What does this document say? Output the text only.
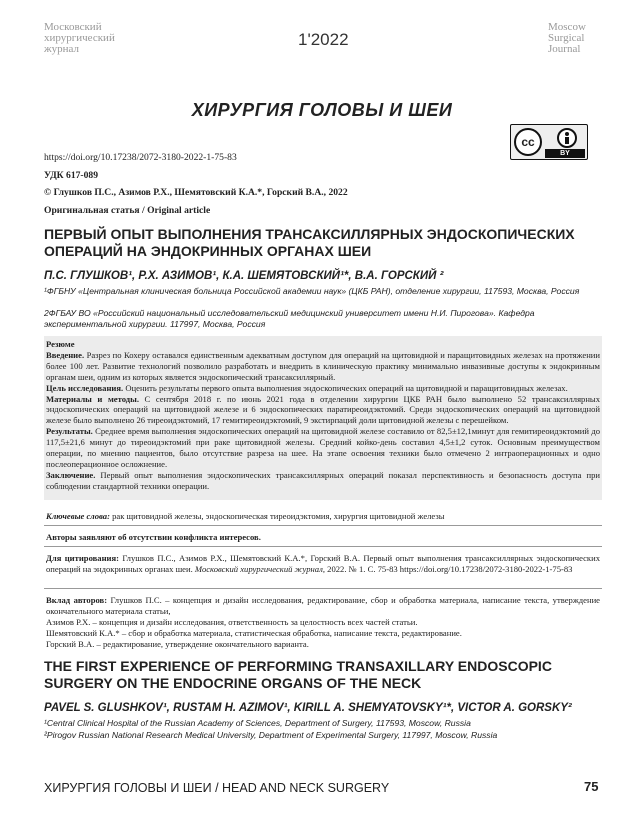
Московский
хирургический
журнал	1'2022
Moscow
Surgical
Journal
ХИРУРГИЯ ГОЛОВЫ И ШЕИ
cc
BY
https://doi.org/10.17238/2072-3180-2022-1-75-83
УДК 617-089
© Глушков П.С., Азимов Р.Х., Шемятовский К.А.*, Горский В.А., 2022
Оригинальная статья / Original article
ПЕРВЫЙ ОПЫТ ВЫПОЛНЕНИЯ ТРАНСАКСИЛЛЯРНЫХ ЭНДОСКОПИЧЕСКИХ ОПЕРАЦИЙ НА ЭНДОКРИННЫХ ОРГАНАХ ШЕИ
П.С. ГЛУШКОВ¹, Р.Х. АЗИМОВ¹, К.А. ШЕМЯТОВСКИЙ¹*, В.А. ГОРСКИЙ ²
¹ФГБНУ «Центральная клиническая больница Российской академии наук» (ЦКБ РАН), отделение хирургии, 117593, Москва, Россия
2ФГБАУ ВО «Российский национальный исследовательский медицинский университет имени Н.И. Пирогова». Кафедра экспериментальной хирургии. 117997, Москва, Россия
Резюме
Введение. Разрез по Кохеру оставался единственным адекватным доступом для операций на щитовидной и паращитовидных железах на протяжении более 100 лет. Развитие технологий позволило разработать и внедрить в клиническую практику минимально инвазивные доступы к эндокринным органам шеи, одним из которых является эндоскопический трансаксиллярный.
Цель исследования. Оценить результаты первого опыта выполнения эндоскопических операций на щитовидной и паращитовидных железах.
Материалы и методы. С сентября 2018 г. по июнь 2021 года в отделении хирургии ЦКБ РАН было выполнено 52 трансаксиллярных эндоскопических операций на щитовидной железе и 6 эндоскопических паратиреоидэктомий. Среди эндоскопических операций на щитовидной железе было выполнено 26 тиреоидэктомий, 17 гемитиреоидэктомий, 9 экстирпаций доли щитовидной железы с перешейком.
Результаты. Среднее время выполнения эндоскопических операций на щитовидной железе составило от 82,5±12,1минут для гемитиреоидэктомий до 117,5±21,6 минут до тиреоидэктомий при раке щитовидной железы. Средний койко-день составил 4,5±1,2 суток. Основным преимуществом операции, по мнению пациентов, было отсутствие разреза на шее. На этапе освоения техники было отмечено 2 интраоперационных и одно послеоперационное осложнение.
Заключение. Первый опыт выполнения эндоскопических трансаксиллярных операций показал перспективность и безопасность доступа при соблюдении стандартной техники операции.
Ключевые слова: рак щитовидной железы, эндоскопическая тиреоидэктомия, хирургия щитовидной железы
Авторы заявляют об отсутствии конфликта интересов.
Для цитирования: Глушков П.С., Азимов Р.Х., Шемятовский К.А.*, Горский В.А. Первый опыт выполнения трансаксиллярных эндоскопических операций на эндокринных органах шеи. Московский хирургический журнал, 2022. № 1. С. 75-83 https://doi.org/10.17238/2072-3180-2022-1-75-83
Вклад авторов: Глушков П.С. – концепция и дизайн исследования, редактирование, сбор и обработка материала, написание текста, утверждение окончательного материала статьи,
Азимов Р.Х. – концепция и дизайн исследования, ответственность за целостность всех частей статьи.
Шемятовский К.А.* – сбор и обработка материала, статистическая обработка, написание текста, редактирование.
Горский В.А. – редактирование, утверждение окончательного варианта.
THE FIRST EXPERIENCE OF PERFORMING TRANSAXILLARY ENDOSCOPIC SURGERY ON THE ENDOCRINE ORGANS OF THE NECK
PAVEL S. GLUSHKOV¹, RUSTAM H. AZIMOV¹, KIRILL A. SHEMYATOVSKY¹*, VICTOR A. GORSKY²
¹Central Clinical Hospital of the Russian Academy of Sciences, Department of Surgery, 117593, Moscow, Russia
²Pirogov Russian National Research Medical University, Department of Experimental Surgery, 117997, Moscow, Russia
ХИРУРГИЯ ГОЛОВЫ И ШЕИ / HEAD AND NECK SURGERY	75
